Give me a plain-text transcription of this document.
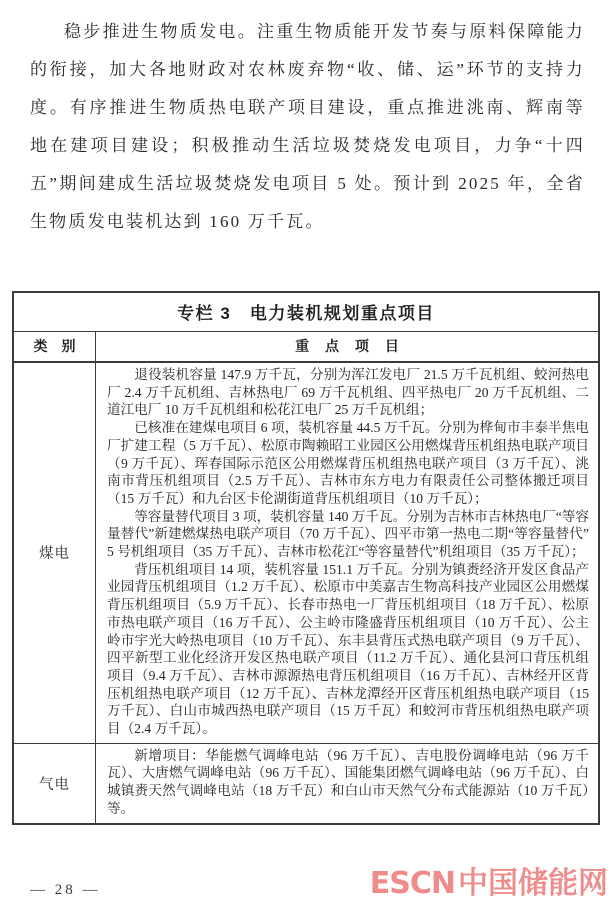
稳步推进生物质发电。注重生物质能开发节奏与原料保障能力的衔接，加大各地财政对农林废弃物“收、储、运”环节的支持力度。有序推进生物质热电联产项目建设，重点推进洮南、辉南等地在建项目建设；积极推动生活垃圾焚烧发电项目，力争“十四五”期间建成生活垃圾焚烧发电项目 5 处。预计到 2025 年，全省生物质发电装机达到 160 万千瓦。

专栏 3　电力装机规划重点项目
类　别	重 点 项 目
煤电

退役装机容量 147.9 万千瓦，分别为浑江发电厂 21.5 万千瓦机组、蛟河热电厂 2.4 万千瓦机组、吉林热电厂 69 万千瓦机组、四平热电厂 20 万千瓦机组、二道江电厂 10 万千瓦机组和松花江电厂 25 万千瓦机组；

已核准在建煤电项目 6 项，装机容量 44.5 万千瓦。分别为桦甸市丰泰半焦电厂扩建工程（5 万千瓦）、松原市陶赖昭工业园区公用燃煤背压机组热电联产项目（9 万千瓦）、珲春国际示范区公用燃煤背压机组热电联产项目（3 万千瓦）、洮南市背压机组项目（2.5 万千瓦）、吉林市东方电力有限责任公司整体搬迁项目（15 万千瓦）和九台区卡伦湖街道背压机组项目（10 万千瓦）；

等容量替代项目 3 项，装机容量 140 万千瓦。分别为吉林市吉林热电厂“等容量替代”新建燃煤热电联产项目（70 万千瓦）、四平市第一热电二期“等容量替代”5 号机组项目（35 万千瓦）、吉林市松花江“等容量替代”机组项目（35 万千瓦）；

背压机组项目 14 项，装机容量 151.1 万千瓦。分别为镇赉经济开发区食品产业园背压机组项目（1.2 万千瓦）、松原市中美嘉吉生物高科技产业园区公用燃煤背压机组项目（5.9 万千瓦）、长春市热电一厂背压机组项目（18 万千瓦）、松原市热电联产项目（16 万千瓦）、公主岭市隆盛背压机组项目（10 万千瓦）、公主岭市宇光大岭热电项目（10 万千瓦）、东丰县背压式热电联产项目（9 万千瓦）、四平新型工业化经济开发区热电联产项目（11.2 万千瓦）、通化县河口背压机组项目（9.4 万千瓦）、吉林市源源热电背压机组项目（16 万千瓦）、吉林经开区背压机组热电联产项目（12 万千瓦）、吉林龙潭经开区背压机组热电联产项目（15 万千瓦）、白山市城西热电联产项目（15 万千瓦）和蛟河市背压机组热电联产项目（2.4 万千瓦）。

气电

新增项目：华能燃气调峰电站（96 万千瓦）、吉电股份调峰电站（96 万千瓦）、大唐燃气调峰电站（96 万千瓦）、国能集团燃气调峰电站（96 万千瓦）、白城镇赉天然气调峰电站（18 万千瓦）和白山市天然气分布式能源站（10 万千瓦）等。

— 28 —	ESCN 中国储能网
